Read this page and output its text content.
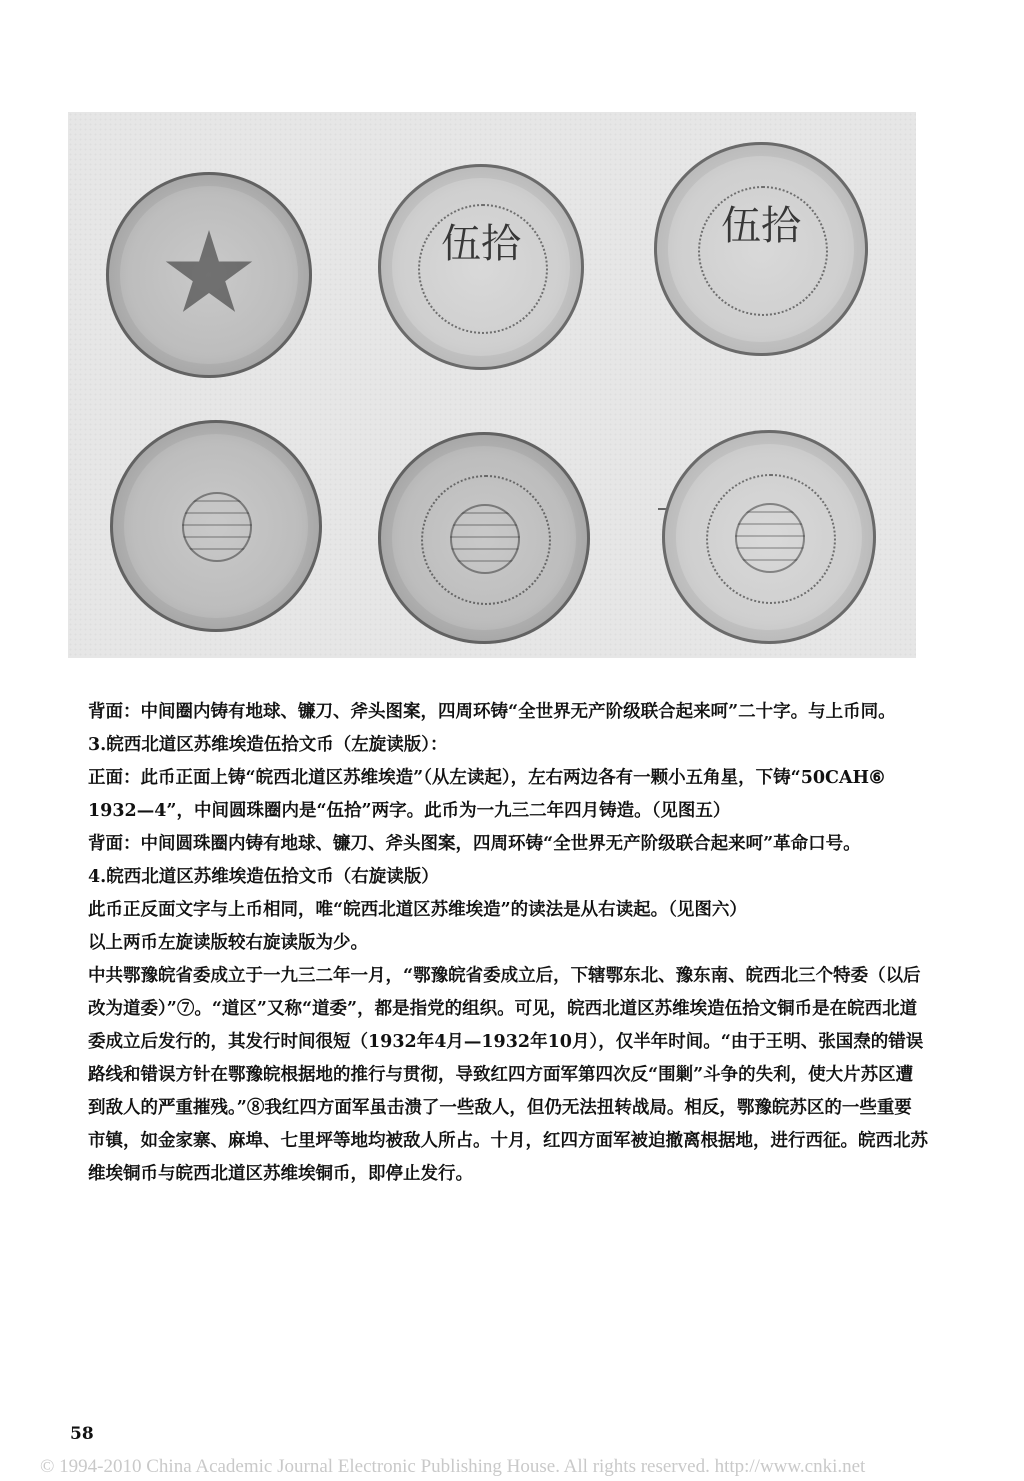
伍拾	伍拾

背面：中间圈内铸有地球、镰刀、斧头图案，四周环铸“全世界无产阶级联合起来呵”二十字。与上币同。

3.皖西北道区苏维埃造伍拾文币（左旋读版）：

正面：此币正面上铸“皖西北道区苏维埃造”（从左读起），左右两边各有一颗小五角星，下铸“50CAH⑥ 1932—4”，中间圆珠圈内是“伍拾”两字。此币为一九三二年四月铸造。（见图五）

背面：中间圆珠圈内铸有地球、镰刀、斧头图案，四周环铸“全世界无产阶级联合起来呵”革命口号。

4.皖西北道区苏维埃造伍拾文币（右旋读版）

此币正反面文字与上币相同，唯“皖西北道区苏维埃造”的读法是从右读起。（见图六）

以上两币左旋读版较右旋读版为少。

中共鄂豫皖省委成立于一九三二年一月，“鄂豫皖省委成立后，下辖鄂东北、豫东南、皖西北三个特委（以后改为道委）”⑦。“道区”又称“道委”，都是指党的组织。可见，皖西北道区苏维埃造伍拾文铜币是在皖西北道委成立后发行的，其发行时间很短（1932年4月—1932年10月），仅半年时间。“由于王明、张国焘的错误路线和错误方针在鄂豫皖根据地的推行与贯彻，导致红四方面军第四次反“围剿”斗争的失利，使大片苏区遭到敌人的严重摧残。”⑧我红四方面军虽击溃了一些敌人，但仍无法扭转战局。相反，鄂豫皖苏区的一些重要市镇，如金家寨、麻埠、七里坪等地均被敌人所占。十月，红四方面军被迫撤离根据地，进行西征。皖西北苏维埃铜币与皖西北道区苏维埃铜币，即停止发行。

58
© 1994-2010 China Academic Journal Electronic Publishing House. All rights reserved. http://www.cnki.net
